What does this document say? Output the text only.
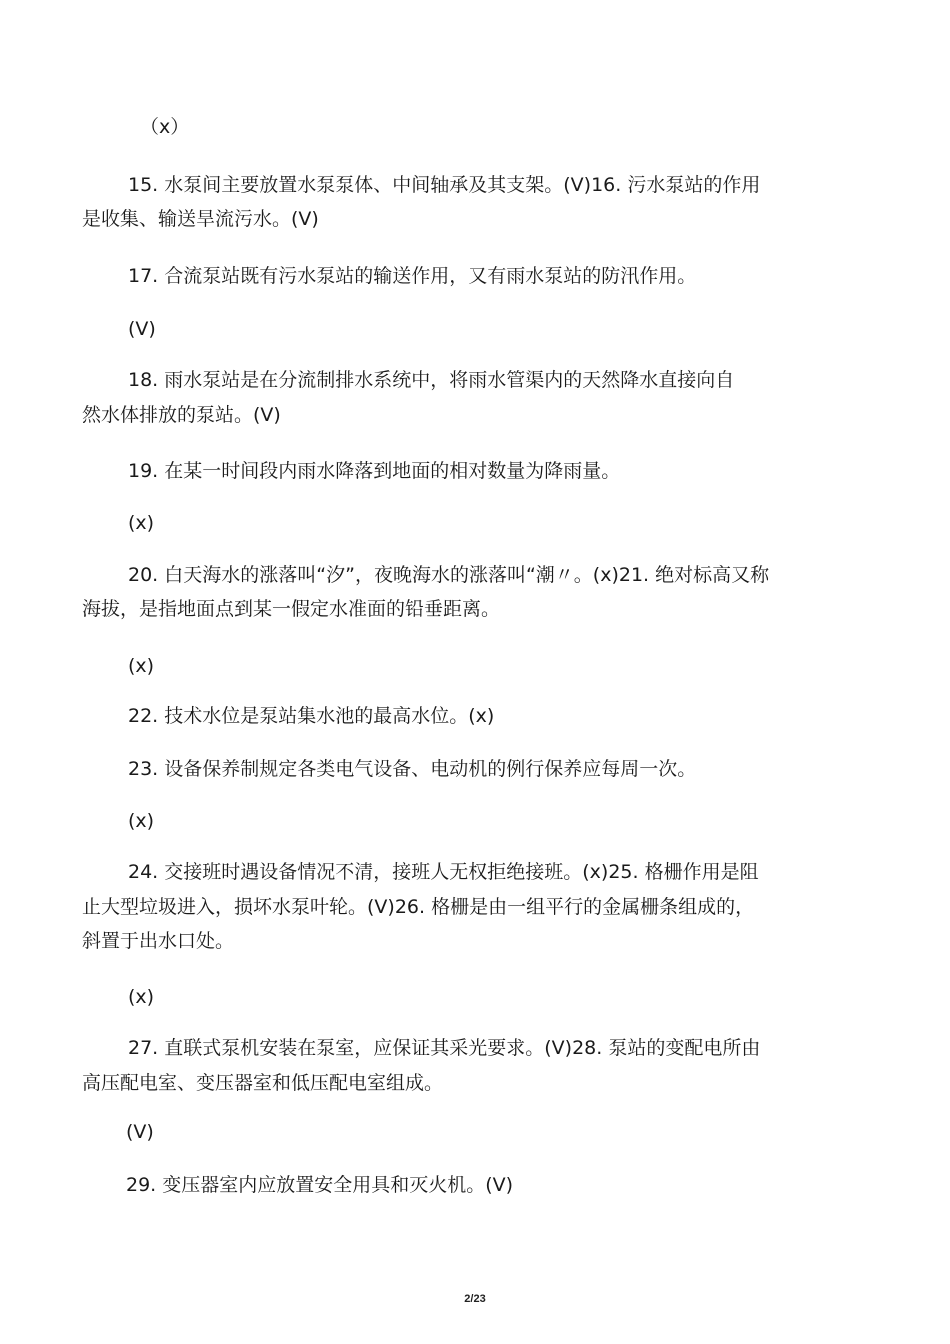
（x）
15. 水泵间主要放置水泵泵体、中间轴承及其支架。(V)16. 污水泵站的作用
是收集、输送旱流污水。(V)
17. 合流泵站既有污水泵站的输送作用，又有雨水泵站的防汛作用。
(V)
18. 雨水泵站是在分流制排水系统中，将雨水管渠内的天然降水直接向自
然水体排放的泵站。(V)
19. 在某一时间段内雨水降落到地面的相对数量为降雨量。
(x)
20. 白天海水的涨落叫“汐”，夜晚海水的涨落叫“潮〃。(x)21. 绝对标高又称
海拔，是指地面点到某一假定水准面的铅垂距离。
(x)
22. 技术水位是泵站集水池的最高水位。(x)
23. 设备保养制规定各类电气设备、电动机的例行保养应每周一次。
(x)
24. 交接班时遇设备情况不清，接班人无权拒绝接班。(x)25. 格栅作用是阻
止大型垃圾进入，损坏水泵叶轮。(V)26. 格栅是由一组平行的金属栅条组成的，
斜置于出水口处。
(x)
27. 直联式泵机安装在泵室，应保证其采光要求。(V)28. 泵站的变配电所由
高压配电室、变压器室和低压配电室组成。
(V)
29. 变压器室内应放置安全用具和灭火机。(V)
2/23
